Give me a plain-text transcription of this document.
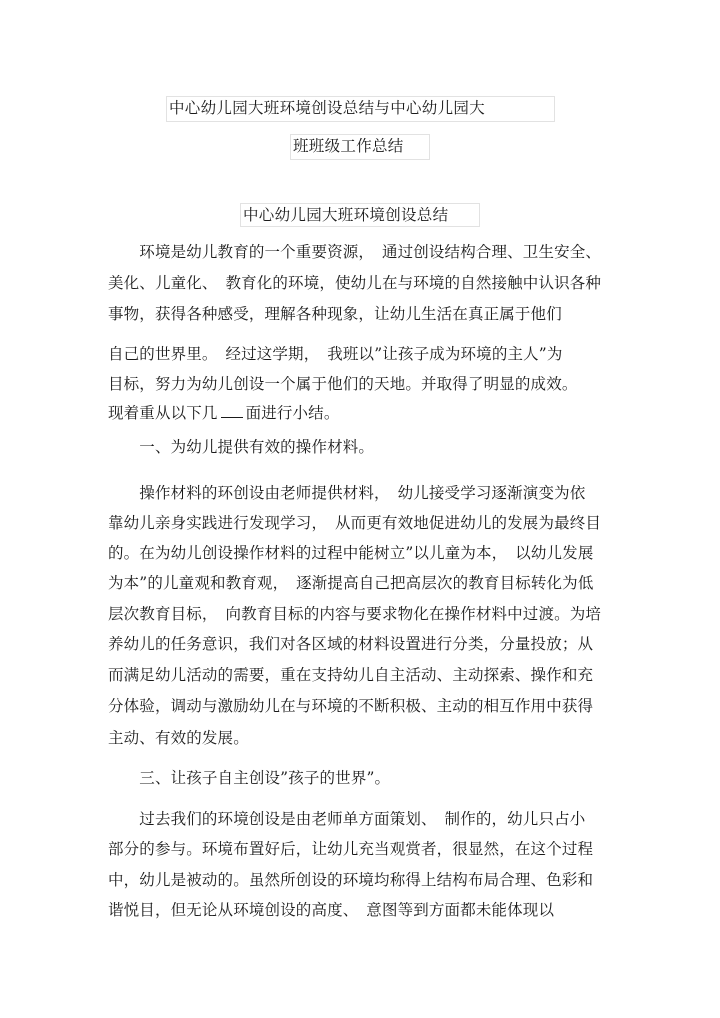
中心幼儿园大班环境创设总结与中心幼儿园大
班班级工作总结
中心幼儿园大班环境创设总结
　　环境是幼儿教育的一个重要资源，　通过创设结构合理、卫生安全、
美化、儿童化、　教育化的环境，使幼儿在与环境的自然接触中认识各种
事物，获得各种感受，理解各种现象，让幼儿生活在真正属于他们
自己的世界里。　经过这学期，　我班以”让孩子成为环境的主人”为
目标，努力为幼儿创设一个属于他们的天地。并取得了明显的成效。
现着重从以下几 面进行小结。
　　一、为幼儿提供有效的操作材料。
　　操作材料的环创设由老师提供材料，　幼儿接受学习逐渐演变为依
靠幼儿亲身实践进行发现学习，　从而更有效地促进幼儿的发展为最终目
的。在为幼儿创设操作材料的过程中能树立”以儿童为本，　以幼儿发展
为本”的儿童观和教育观，　逐渐提高自己把高层次的教育目标转化为低
层次教育目标，　向教育目标的内容与要求物化在操作材料中过渡。为培
养幼儿的任务意识，我们对各区域的材料设置进行分类，分量投放；从
而满足幼儿活动的需要，重在支持幼儿自主活动、主动探索、操作和充
分体验，调动与激励幼儿在与环境的不断积极、主动的相互作用中获得
主动、有效的发展。
　　三、让孩子自主创设”孩子的世界”。
　　过去我们的环境创设是由老师单方面策划、　制作的，幼儿只占小
部分的参与。环境布置好后，让幼儿充当观赏者，很显然，在这个过程
中，幼儿是被动的。虽然所创设的环境均称得上结构布局合理、色彩和
谐悦目，但无论从环境创设的高度、　意图等到方面都未能体现以
